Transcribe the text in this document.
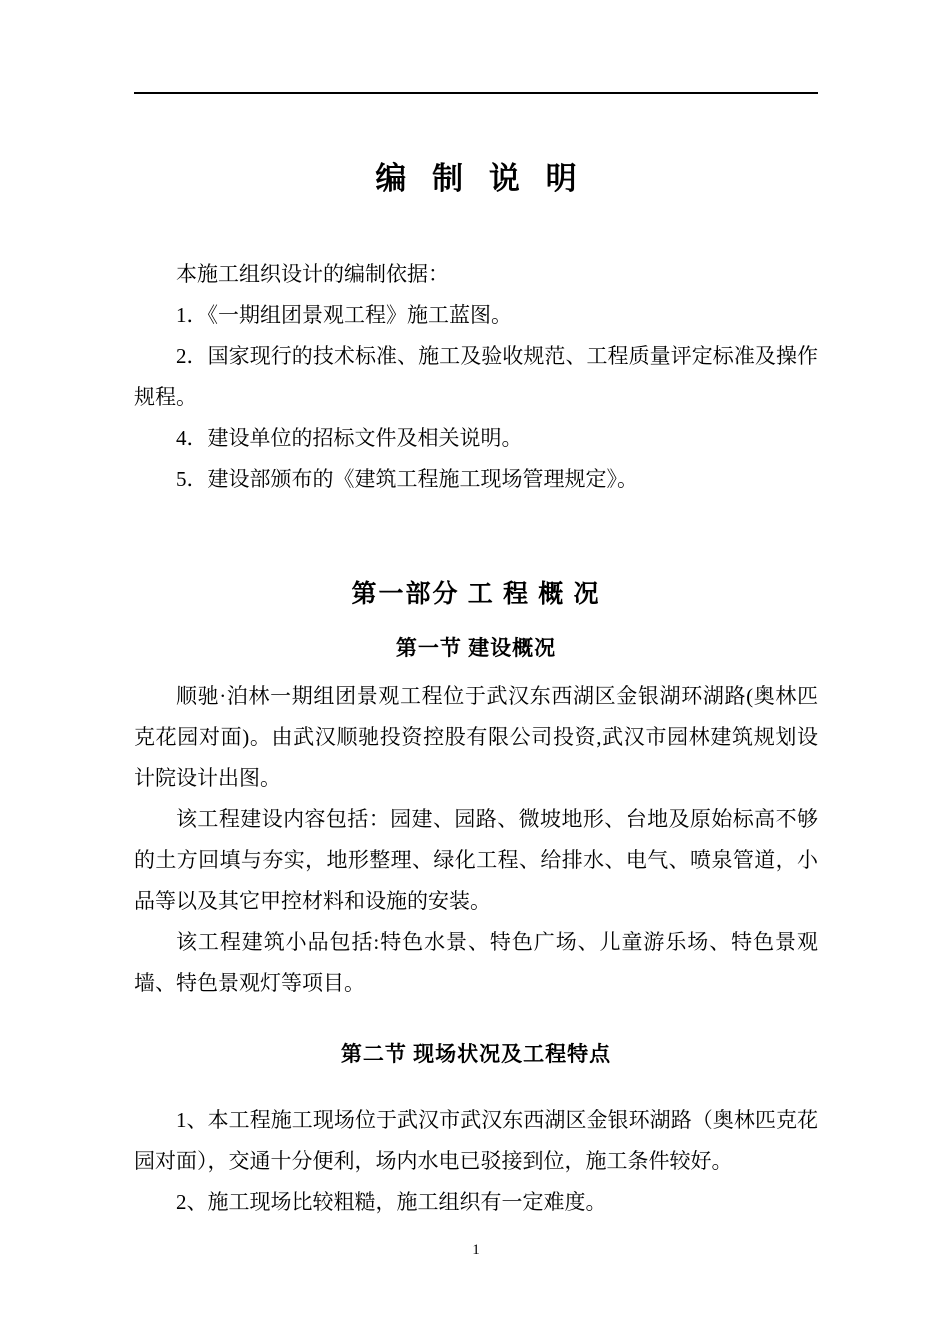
编 制 说 明

本施工组织设计的编制依据：

1．《一期组团景观工程》施工蓝图。

2．国家现行的技术标准、施工及验收规范、工程质量评定标准及操作规程。

4．建设单位的招标文件及相关说明。

5．建设部颁布的《建筑工程施工现场管理规定》。

第一部分 工 程 概 况
第一节 建设概况

顺驰·泊林一期组团景观工程位于武汉东西湖区金银湖环湖路(奥林匹克花园对面)。由武汉顺驰投资控股有限公司投资,武汉市园林建筑规划设计院设计出图。

该工程建设内容包括：园建、园路、微坡地形、台地及原始标高不够的土方回填与夯实，地形整理、绿化工程、给排水、电气、喷泉管道，小品等以及其它甲控材料和设施的安装。

该工程建筑小品包括:特色水景、特色广场、儿童游乐场、特色景观墙、特色景观灯等项目。

第二节 现场状况及工程特点

1、本工程施工现场位于武汉市武汉东西湖区金银环湖路（奥林匹克花园对面），交通十分便利，场内水电已驳接到位，施工条件较好。

2、施工现场比较粗糙，施工组织有一定难度。

1
